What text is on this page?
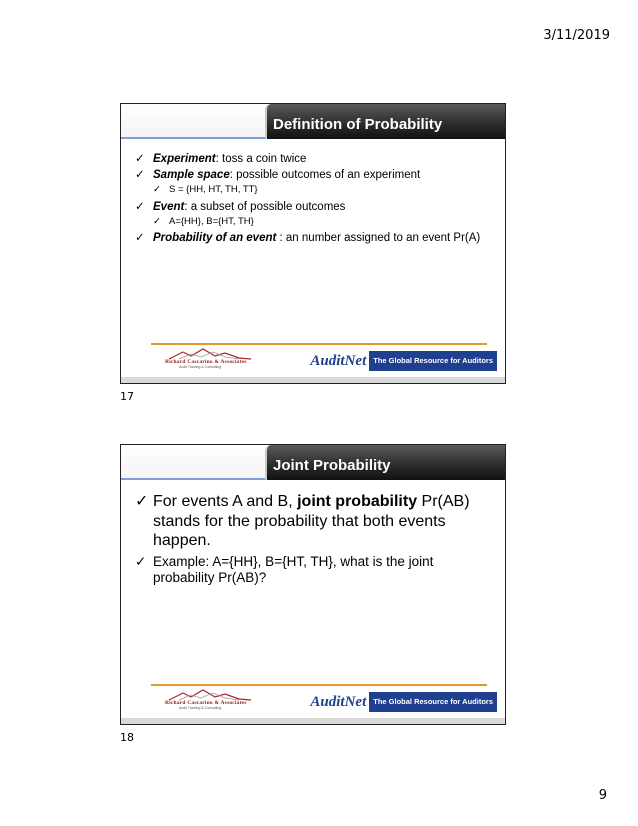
3/11/2019
Definition of Probability
✓ Experiment: toss a coin twice
✓ Sample space: possible outcomes of an experiment
✓ S = {HH, HT, TH, TT}
✓ Event: a subset of possible outcomes
✓ A={HH}, B={HT, TH}
✓ Probability of an event : an number assigned to an event Pr(A)
Richard Cascarino & Associates
Audit Training & Consulting	AuditNet The Global Resource for Auditors
17
Joint Probability
✓ For events A and B, joint probability Pr(AB) stands for the probability that both events happen.
✓ Example: A={HH}, B={HT, TH}, what is the joint probability Pr(AB)?
Richard Cascarino & Associates
Audit Training & Consulting	AuditNet The Global Resource for Auditors
18
9
